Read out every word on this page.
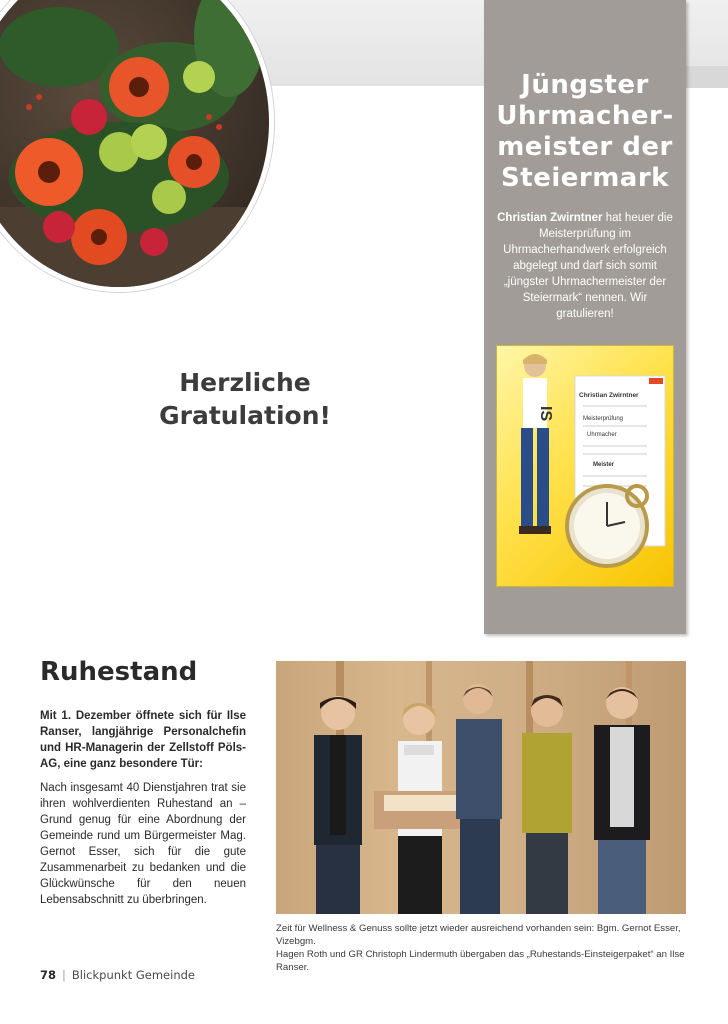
Jüngster
Uhrmacher-
meister der
Steiermark
Christian Zwirntner hat heuer die Meisterprüfung im Uhrmacherhandwerk erfolgreich abgelegt und darf sich somit „jüngster Uhrmachermeister der Steiermark“ nennen. Wir gratulieren!
IS
Christian Zwirntner
Meisterprüfung
Uhrmacher
Meister
Herzliche
Gratulation!
Ruhestand
Mit 1. Dezember öffnete sich für Ilse Ranser, langjährige Personalchefin und HR-Managerin der Zellstoff Pöls-AG, eine ganz besondere Tür:
Nach insgesamt 40 Dienstjahren trat sie ihren wohlverdienten Ruhestand an – Grund genug für eine Abordnung der Gemeinde rund um Bürgermeister Mag. Gernot Esser, sich für die gute Zusammenarbeit zu bedanken und die Glückwünsche für den neuen Lebensabschnitt zu überbringen.
Zeit für Wellness & Genuss sollte jetzt wieder ausreichend vorhanden sein: Bgm. Gernot Esser, Vizebgm.
Hagen Roth und GR Christoph Lindermuth übergaben das „Ruhestands-Einsteigerpaket“ an Ilse Ranser.
78 | Blickpunkt Gemeinde
